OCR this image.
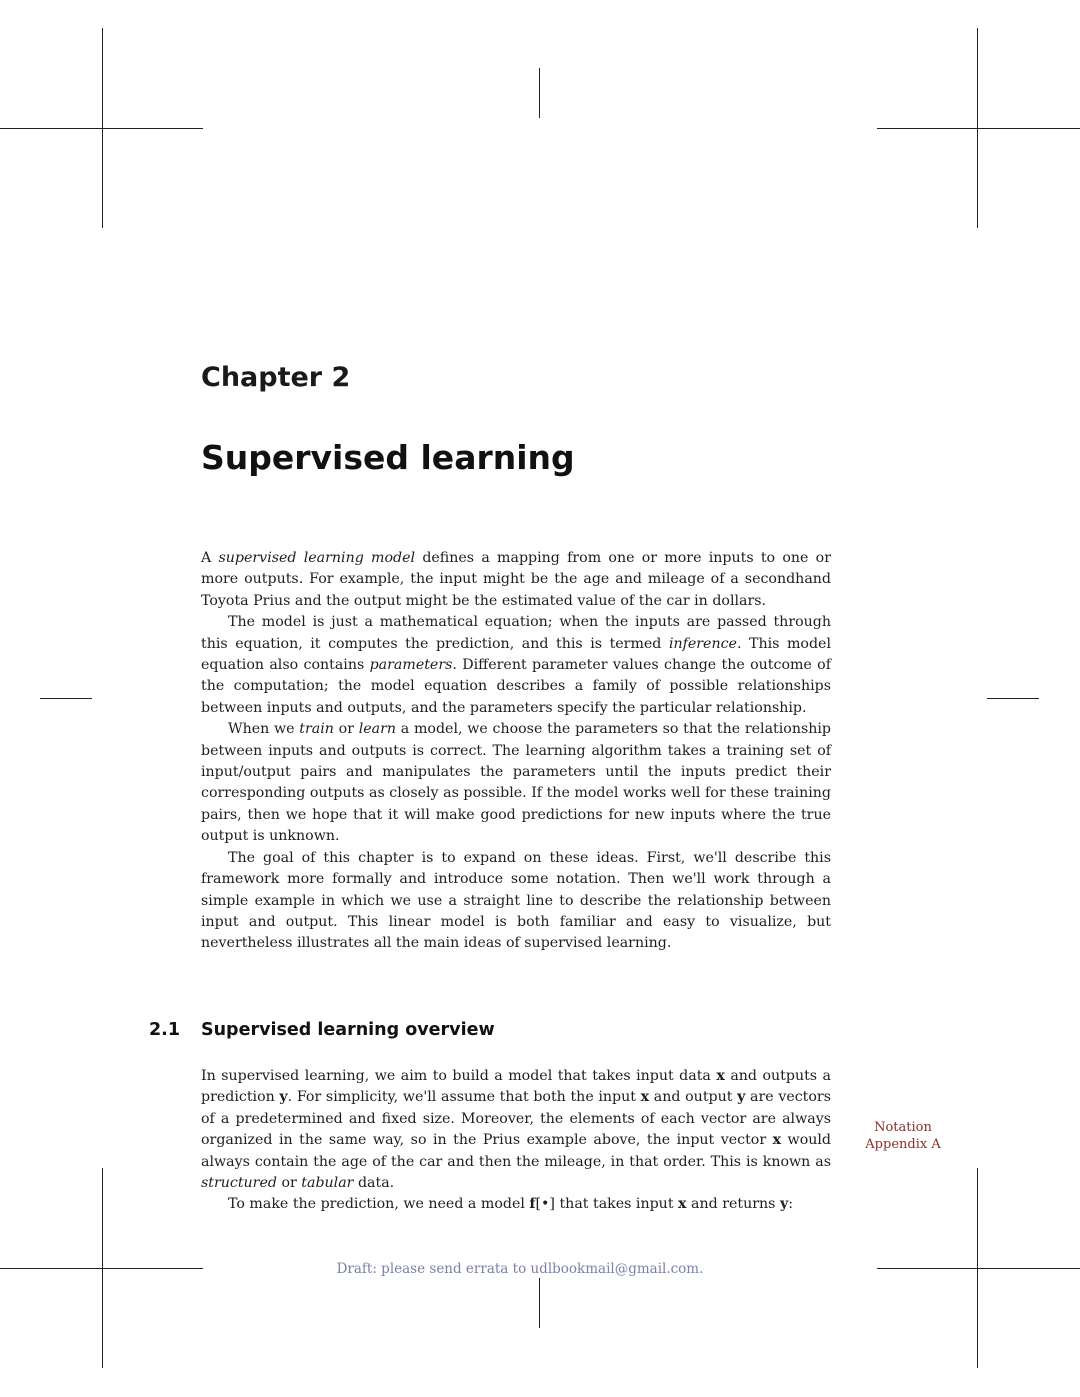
Chapter 2
Supervised learning

A supervised learning model defines a mapping from one or more inputs to one or more outputs. For example, the input might be the age and mileage of a secondhand Toyota Prius and the output might be the estimated value of the car in dollars.

The model is just a mathematical equation; when the inputs are passed through this equation, it computes the prediction, and this is termed inference. This model equation also contains parameters. Different parameter values change the outcome of the computation; the model equation describes a family of possible relationships between inputs and outputs, and the parameters specify the particular relationship.

When we train or learn a model, we choose the parameters so that the relationship between inputs and outputs is correct. The learning algorithm takes a training set of input/output pairs and manipulates the parameters until the inputs predict their corresponding outputs as closely as possible. If the model works well for these training pairs, then we hope that it will make good predictions for new inputs where the true output is unknown.

The goal of this chapter is to expand on these ideas. First, we'll describe this framework more formally and introduce some notation. Then we'll work through a simple example in which we use a straight line to describe the relationship between input and output. This linear model is both familiar and easy to visualize, but nevertheless illustrates all the main ideas of supervised learning.

2.1 Supervised learning overview

In supervised learning, we aim to build a model that takes input data x and outputs a prediction y. For simplicity, we'll assume that both the input x and output y are vectors of a predetermined and fixed size. Moreover, the elements of each vector are always organized in the same way, so in the Prius example above, the input vector x would always contain the age of the car and then the mileage, in that order. This is known as structured or tabular data.

To make the prediction, we need a model f[•] that takes input x and returns y:

Notation
Appendix A
Draft: please send errata to udlbookmail@gmail.com.
